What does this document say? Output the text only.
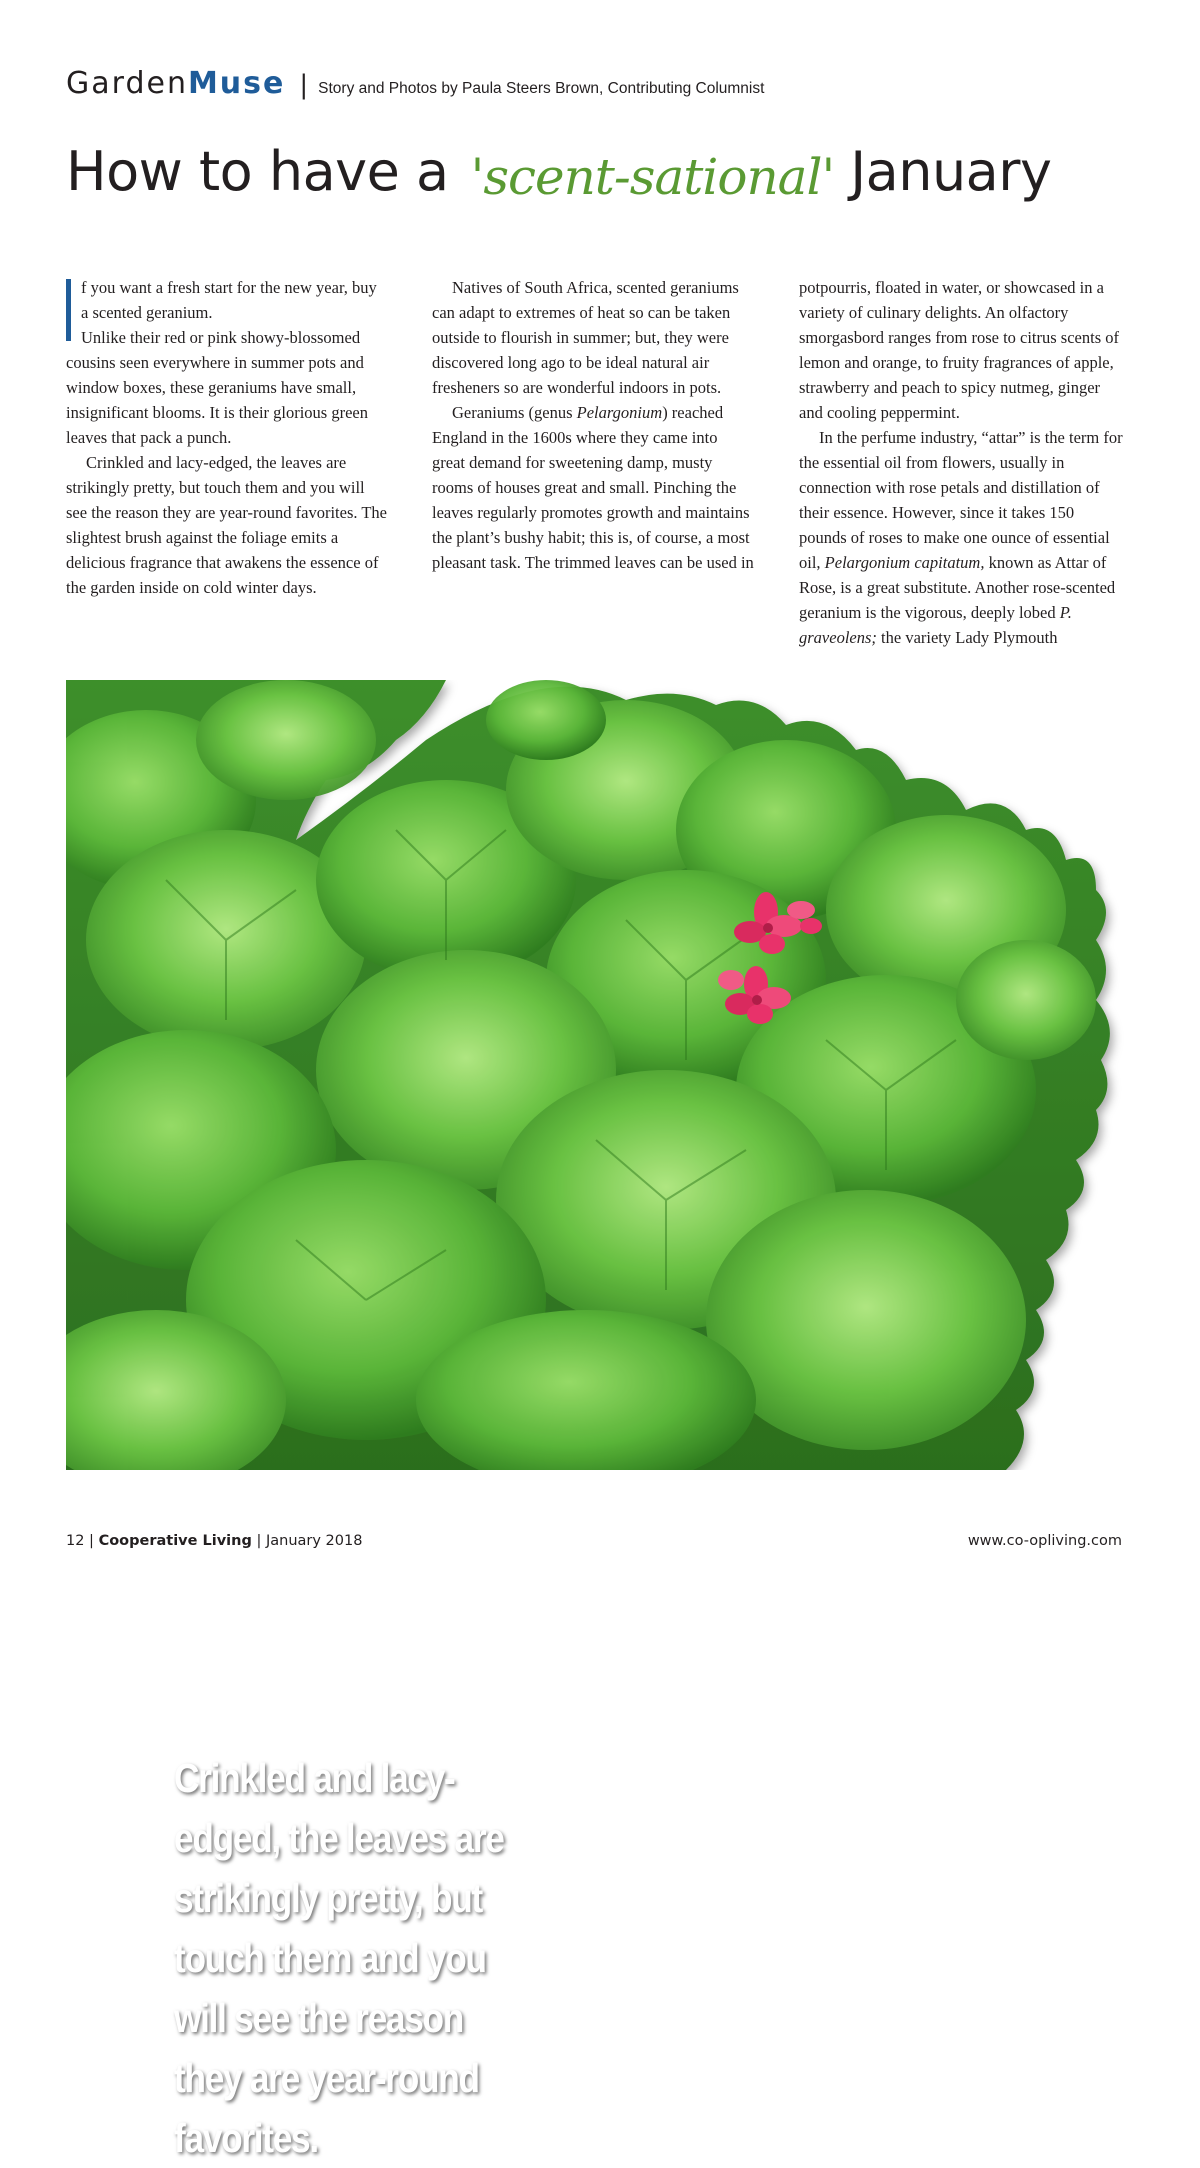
Garden Muse | Story and Photos by Paula Steers Brown, Contributing Columnist
How to have a 'scent-sational' January

f you want a fresh start for the new year, buy a scented geranium.

Unlike their red or pink showy-blossomed cousins seen everywhere in summer pots and window boxes, these geraniums have small, insignificant blooms. It is their glorious green leaves that pack a punch.

Crinkled and lacy-edged, the leaves are strikingly pretty, but touch them and you will see the reason they are year-round favorites. The slightest brush against the foliage emits a delicious fragrance that awakens the essence of the garden inside on cold winter days.

Natives of South Africa, scented geraniums can adapt to extremes of heat so can be taken outside to flourish in summer; but, they were discovered long ago to be ideal natural air fresheners so are wonderful indoors in pots.

Geraniums (genus Pelargonium) reached England in the 1600s where they came into great demand for sweetening damp, musty rooms of houses great and small. Pinching the leaves regularly promotes growth and maintains the plant’s bushy habit; this is, of course, a most pleasant task. The trimmed leaves can be used in

potpourris, floated in water, or showcased in a variety of culinary delights. An olfactory smorgasbord ranges from rose to citrus scents of lemon and orange, to fruity fragrances of apple, strawberry and peach to spicy nutmeg, ginger and cooling peppermint.

In the perfume industry, “attar” is the term for the essential oil from flowers, usually in connection with rose petals and distillation of their essence. However, since it takes 150 pounds of roses to make one ounce of essential oil, Pelargonium capitatum, known as Attar of Rose, is a great substitute. Another rose-scented geranium is the vigorous, deeply lobed P. graveolens; the variety Lady Plymouth

Crinkled and lacy-edged, the leaves are strikingly pretty, but touch them and you will see the reason they are year-round favorites.
12 | Cooperative Living | January 2018	www.co-opliving.com
